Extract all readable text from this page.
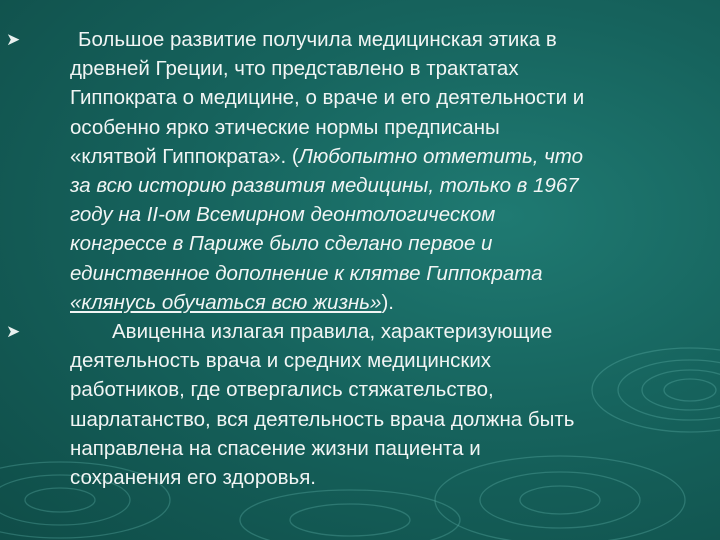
➤	Большое развитие получила медицинская этика в
древней Греции, что представлено в трактатах
Гиппократа о медицине, о враче и его деятельности и
особенно ярко этические нормы предписаны
«клятвой Гиппократа». (Любопытно отметить, что
за всю историю развития медицины, только в 1967
году на II-ом Всемирном деонтологическом
конгрессе в Париже было сделано первое и
единственное дополнение к клятве Гиппократа
«клянусь обучаться всю жизнь»).
➤	Авиценна излагая правила, характеризующие
деятельность врача и средних медицинских
работников, где отвергались стяжательство,
шарлатанство, вся деятельность врача должна быть
направлена на спасение жизни пациента и
сохранения его здоровья.
